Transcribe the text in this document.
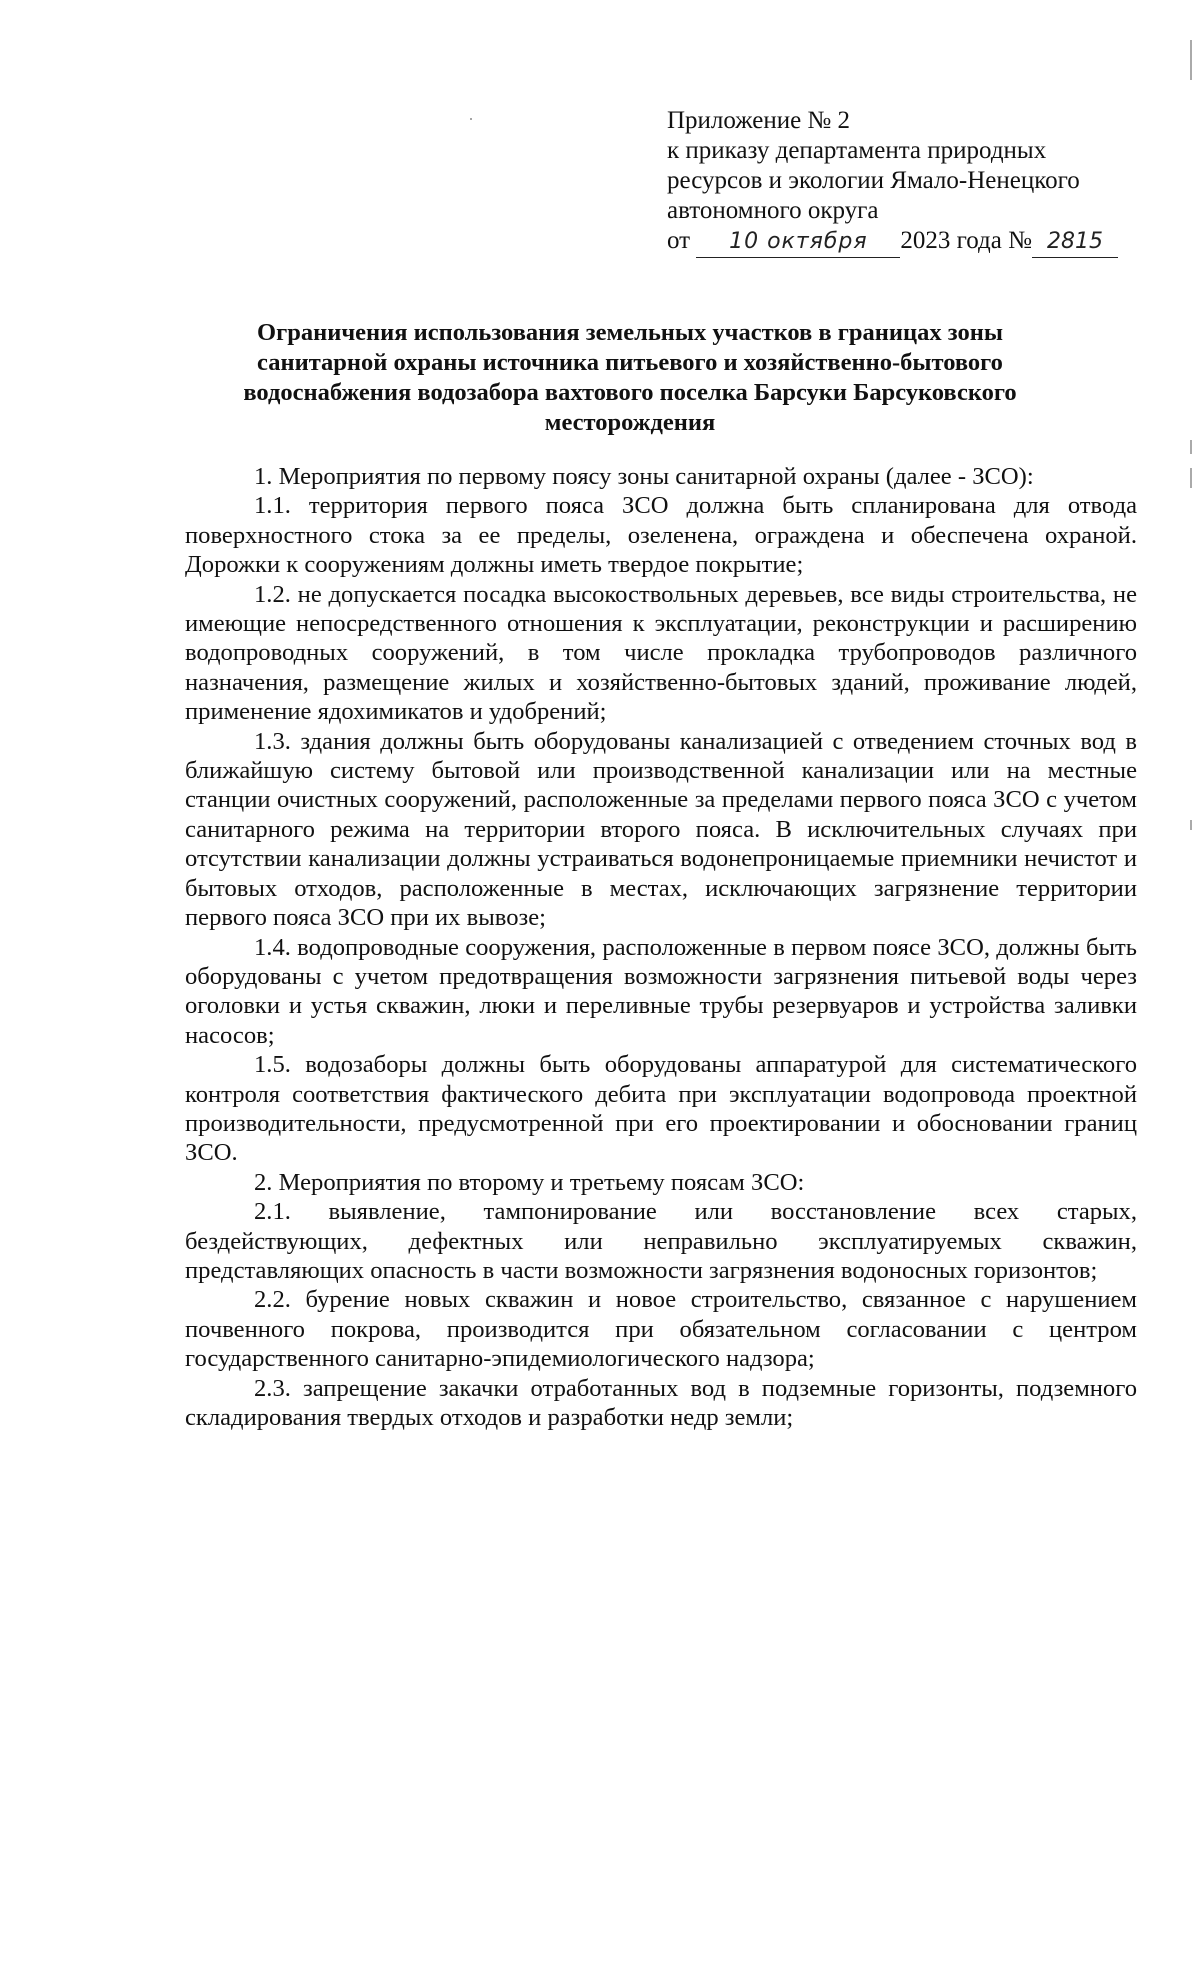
Приложение № 2
к приказу департамента природных
ресурсов и экологии Ямало-Ненецкого
автономного округа
от 10 октября 2023 года № 2815
Ограничения использования земельных участков в границах зоны санитарной охраны источника питьевого и хозяйственно-бытового водоснабжения водозабора вахтового поселка Барсуки Барсуковского месторождения

1. Мероприятия по первому поясу зоны санитарной охраны (далее - ЗСО):

1.1. территория первого пояса ЗСО должна быть спланирована для отвода поверхностного стока за ее пределы, озеленена, ограждена и обеспечена охраной. Дорожки к сооружениям должны иметь твердое покрытие;

1.2. не допускается посадка высокоствольных деревьев, все виды строительства, не имеющие непосредственного отношения к эксплуатации, реконструкции и расширению водопроводных сооружений, в том числе прокладка трубопроводов различного назначения, размещение жилых и хозяйственно-бытовых зданий, проживание людей, применение ядохимикатов и удобрений;

1.3. здания должны быть оборудованы канализацией с отведением сточных вод в ближайшую систему бытовой или производственной канализации или на местные станции очистных сооружений, расположенные за пределами первого пояса ЗСО с учетом санитарного режима на территории второго пояса. В исключительных случаях при отсутствии канализации должны устраиваться водонепроницаемые приемники нечистот и бытовых отходов, расположенные в местах, исключающих загрязнение территории первого пояса ЗСО при их вывозе;

1.4. водопроводные сооружения, расположенные в первом поясе ЗСО, должны быть оборудованы с учетом предотвращения возможности загрязнения питьевой воды через оголовки и устья скважин, люки и переливные трубы резервуаров и устройства заливки насосов;

1.5. водозаборы должны быть оборудованы аппаратурой для систематического контроля соответствия фактического дебита при эксплуатации водопровода проектной производительности, предусмотренной при его проектировании и обосновании границ ЗСО.

2. Мероприятия по второму и третьему поясам ЗСО:

2.1. выявление, тампонирование или восстановление всех старых, бездействующих, дефектных или неправильно эксплуатируемых скважин, представляющих опасность в части возможности загрязнения водоносных горизонтов;

2.2. бурение новых скважин и новое строительство, связанное с нарушением почвенного покрова, производится при обязательном согласовании с центром государственного санитарно-эпидемиологического надзора;

2.3. запрещение закачки отработанных вод в подземные горизонты, подземного складирования твердых отходов и разработки недр земли;
